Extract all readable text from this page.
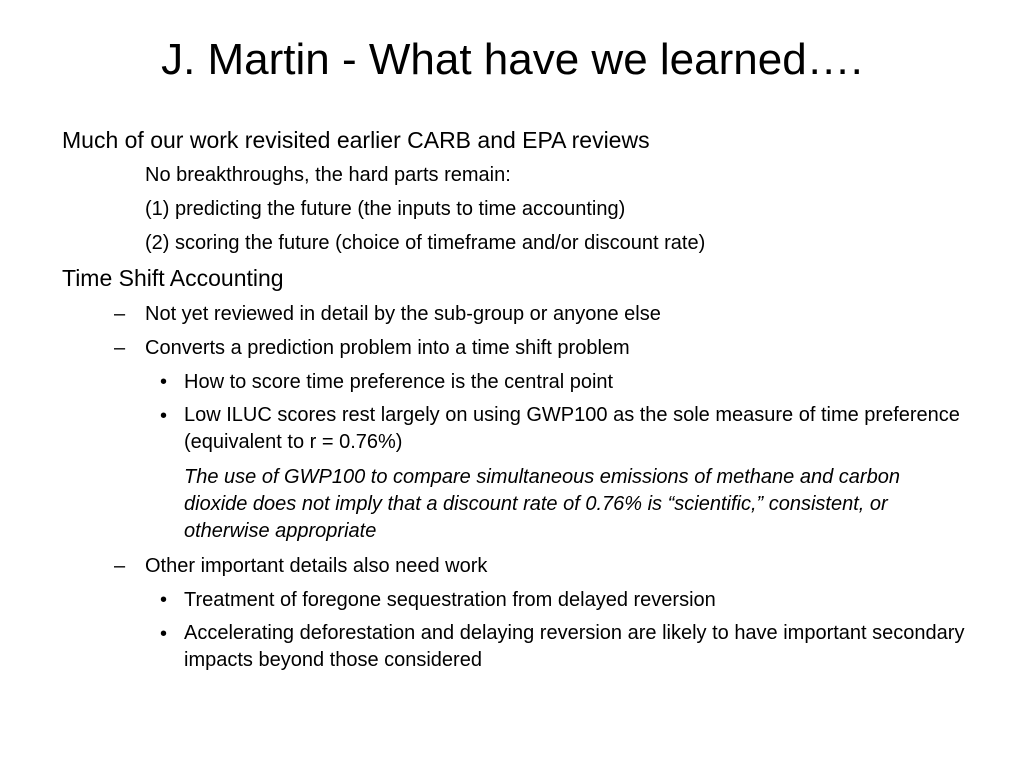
J. Martin - What have we learned….
Much of our work revisited earlier CARB and EPA reviews
No breakthroughs, the hard parts remain:
(1) predicting the future (the inputs to time accounting)
(2) scoring the future (choice of timeframe and/or discount rate)
Time Shift Accounting
– Not yet reviewed in detail by the sub-group or anyone else
– Converts a prediction problem into a time shift problem
• How to score time preference is the central point
• Low ILUC scores rest largely on using GWP100 as the sole measure of time preference (equivalent to r = 0.76%)
The use of GWP100 to compare simultaneous emissions of methane and carbon dioxide does not imply that a discount rate of 0.76% is “scientific,” consistent, or otherwise appropriate
– Other important details also need work
• Treatment of foregone sequestration from delayed reversion
• Accelerating deforestation and delaying reversion are likely to have important secondary impacts beyond those considered
